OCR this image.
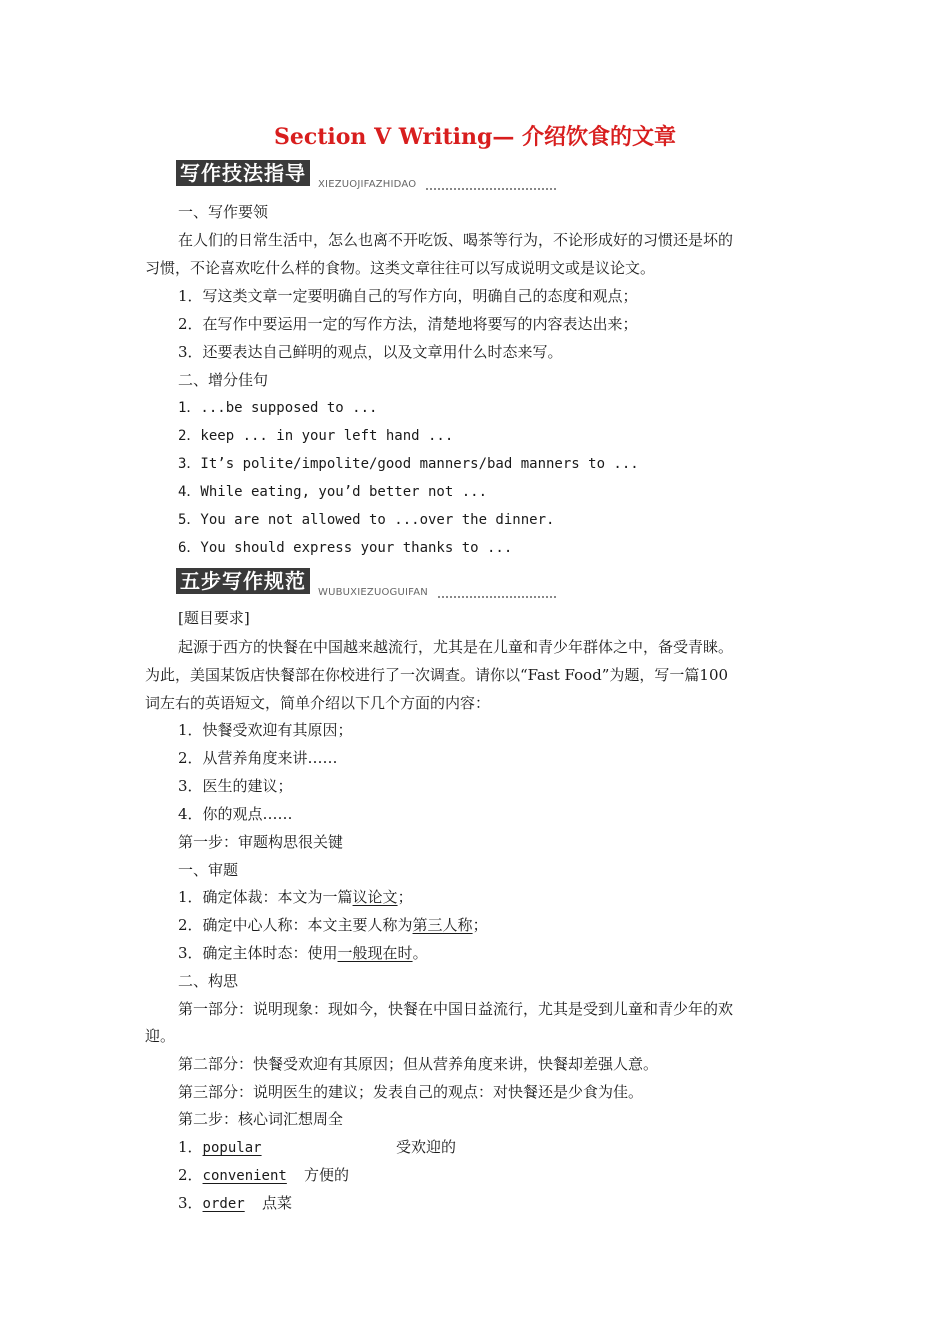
Section Ⅴ Writing— 介绍饮食的文章
写作技法指导	XIEZUOJIFAZHIDAO
一、写作要领
在人们的日常生活中，怎么也离不开吃饭、喝茶等行为，不论形成好的习惯还是坏的
习惯，不论喜欢吃什么样的食物。这类文章往往可以写成说明文或是议论文。
1．写这类文章一定要明确自己的写作方向，明确自己的态度和观点；
2．在写作中要运用一定的写作方法，清楚地将要写的内容表达出来；
3．还要表达自己鲜明的观点，以及文章用什么时态来写。
二、增分佳句
1．...be supposed to ...
2．keep ... in your left hand ...
3．It’s polite/impolite/good manners/bad manners to ...
4．While eating, you’d better not ...
5．You are not allowed to ...over the dinner.
6．You should express your thanks to ...
五步写作规范	WUBUXIEZUOGUIFAN
[题目要求]
起源于西方的快餐在中国越来越流行，尤其是在儿童和青少年群体之中，备受青睐。
为此，美国某饭店快餐部在你校进行了一次调查。请你以“Fast Food”为题，写一篇100
词左右的英语短文，简单介绍以下几个方面的内容：
1．快餐受欢迎有其原因；
2．从营养角度来讲……
3．医生的建议；
4．你的观点……
第一步：审题构思很关键
一、审题
1．确定体裁：本文为一篇议论文；
2．确定中心人称：本文主要人称为第三人称；
3．确定主体时态：使用一般现在时。
二、构思
第一部分：说明现象：现如今，快餐在中国日益流行，尤其是受到儿童和青少年的欢
迎。
第二部分：快餐受欢迎有其原因；但从营养角度来讲，快餐却差强人意。
第三部分：说明医生的建议；发表自己的观点：对快餐还是少食为佳。
第二步：核心词汇想周全
1．popular	受欢迎的
2．convenient 方便的
3．order 点菜
